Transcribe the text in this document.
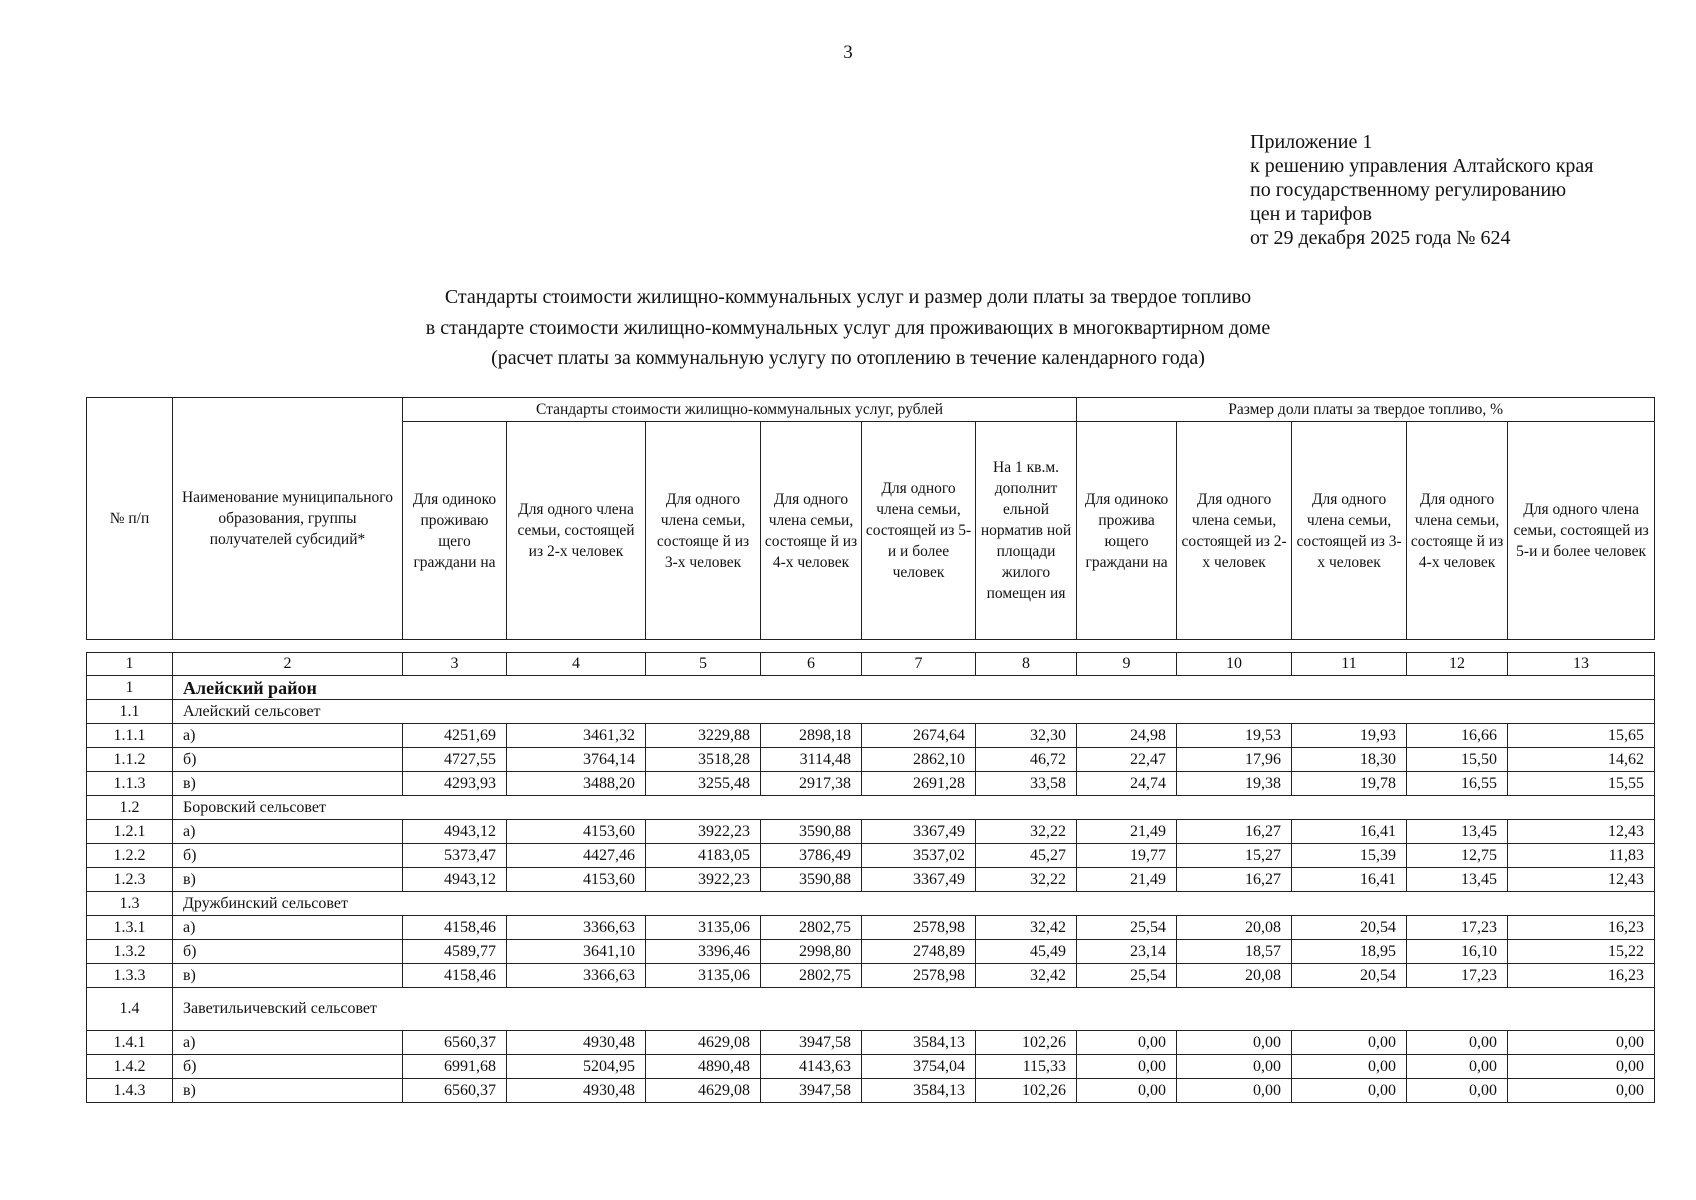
3
Приложение 1
к решению управления Алтайского края
по государственному регулированию
цен и тарифов
от 29 декабря 2025 года № 624
Стандарты стоимости жилищно-коммунальных услуг и размер доли платы за твердое топливо
в стандарте стоимости жилищно-коммунальных услуг для проживающих в многоквартирном доме
(расчет платы за коммунальную услугу по отоплению в течение календарного года)
№ п/п	Наименование муниципального образования, группы получателей субсидий*	Стандарты стоимости жилищно-коммунальных услуг, рублей						Размер доли платы за твердое топливо, %				
		Для одиноко проживаю щего граждани на	Для одного члена семьи, состоящей из 2-х человек	Для одного члена семьи, состояще й из 3-х человек	Для одного члена семьи, состояще й из 4-х человек	Для одного члена семьи, состоящей из 5-и и более человек	На 1 кв.м. дополнит ельной норматив ной площади жилого помещен ия	Для одиноко прожива ющего граждани на	Для одного члена семьи, состоящей из 2-х человек	Для одного члена семьи, состоящей из 3-х человек	Для одного члена семьи, состояще й из 4-х человек	Для одного члена семьи, состоящей из 5-и и более человек
1	2	3	4	5	6	7	8	9	10	11	12	13
1	Алейский район											
1.1	Алейский сельсовет											
1.1.1	а)	4251,69	3461,32	3229,88	2898,18	2674,64	32,30	24,98	19,53	19,93	16,66	15,65
1.1.2	б)	4727,55	3764,14	3518,28	3114,48	2862,10	46,72	22,47	17,96	18,30	15,50	14,62
1.1.3	в)	4293,93	3488,20	3255,48	2917,38	2691,28	33,58	24,74	19,38	19,78	16,55	15,55
1.2	Боровский сельсовет											
1.2.1	а)	4943,12	4153,60	3922,23	3590,88	3367,49	32,22	21,49	16,27	16,41	13,45	12,43
1.2.2	б)	5373,47	4427,46	4183,05	3786,49	3537,02	45,27	19,77	15,27	15,39	12,75	11,83
1.2.3	в)	4943,12	4153,60	3922,23	3590,88	3367,49	32,22	21,49	16,27	16,41	13,45	12,43
1.3	Дружбинский сельсовет											
1.3.1	а)	4158,46	3366,63	3135,06	2802,75	2578,98	32,42	25,54	20,08	20,54	17,23	16,23
1.3.2	б)	4589,77	3641,10	3396,46	2998,80	2748,89	45,49	23,14	18,57	18,95	16,10	15,22
1.3.3	в)	4158,46	3366,63	3135,06	2802,75	2578,98	32,42	25,54	20,08	20,54	17,23	16,23
1.4	Заветильичевский сельсовет											
1.4.1	а)	6560,37	4930,48	4629,08	3947,58	3584,13	102,26	0,00	0,00	0,00	0,00	0,00
1.4.2	б)	6991,68	5204,95	4890,48	4143,63	3754,04	115,33	0,00	0,00	0,00	0,00	0,00
1.4.3	в)	6560,37	4930,48	4629,08	3947,58	3584,13	102,26	0,00	0,00	0,00	0,00	0,00
